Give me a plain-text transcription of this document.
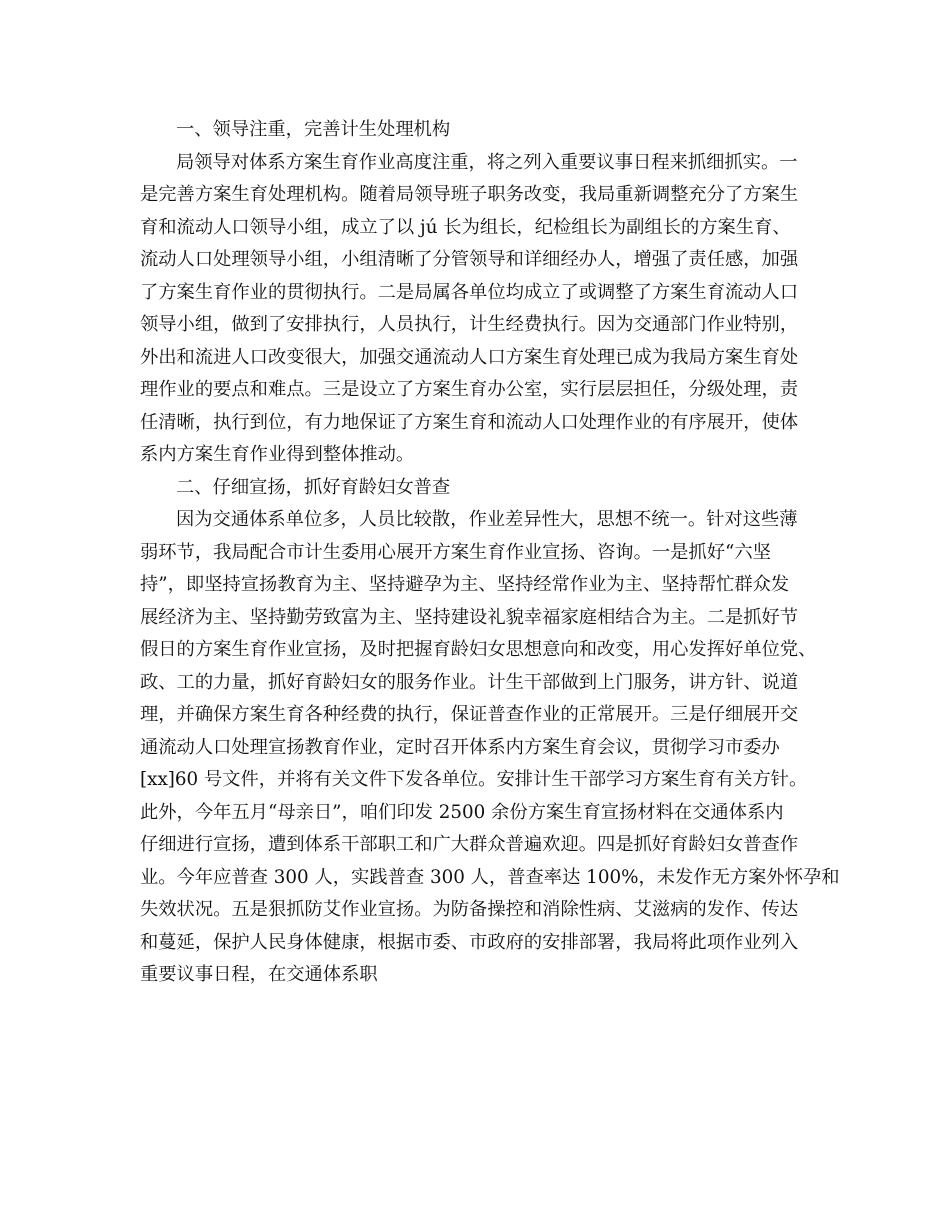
一、领导注重，完善计生处理机构
局领导对体系方案生育作业高度注重，将之列入重要议事日程来抓细抓实。一
是完善方案生育处理机构。随着局领导班子职务改变，我局重新调整充分了方案生
育和流动人口领导小组，成立了以 jú 长为组长，纪检组长为副组长的方案生育、
流动人口处理领导小组，小组清晰了分管领导和详细经办人，增强了责任感，加强
了方案生育作业的贯彻执行。二是局属各单位均成立了或调整了方案生育流动人口
领导小组，做到了安排执行，人员执行，计生经费执行。因为交通部门作业特别，
外出和流进人口改变很大，加强交通流动人口方案生育处理已成为我局方案生育处
理作业的要点和难点。三是设立了方案生育办公室，实行层层担任，分级处理，责
任清晰，执行到位，有力地保证了方案生育和流动人口处理作业的有序展开，使体
系内方案生育作业得到整体推动。
二、仔细宣扬，抓好育龄妇女普查
因为交通体系单位多，人员比较散，作业差异性大，思想不统一。针对这些薄
弱环节，我局配合市计生委用心展开方案生育作业宣扬、咨询。一是抓好“六坚
持”，即坚持宣扬教育为主、坚持避孕为主、坚持经常作业为主、坚持帮忙群众发
展经济为主、坚持勤劳致富为主、坚持建设礼貌幸福家庭相结合为主。二是抓好节
假日的方案生育作业宣扬，及时把握育龄妇女思想意向和改变，用心发挥好单位党、
政、工的力量，抓好育龄妇女的服务作业。计生干部做到上门服务，讲方针、说道
理，并确保方案生育各种经费的执行，保证普查作业的正常展开。三是仔细展开交
通流动人口处理宣扬教育作业，定时召开体系内方案生育会议，贯彻学习市委办
[xx]60 号文件，并将有关文件下发各单位。安排计生干部学习方案生育有关方针。
此外，今年五月“母亲日”，咱们印发 2500 余份方案生育宣扬材料在交通体系内
仔细进行宣扬，遭到体系干部职工和广大群众普遍欢迎。四是抓好育龄妇女普查作
业。今年应普查 300 人，实践普查 300 人，普查率达 100%，未发作无方案外怀孕和
失效状况。五是狠抓防艾作业宣扬。为防备操控和消除性病、艾滋病的发作、传达
和蔓延，保护人民身体健康，根据市委、市政府的安排部署，我局将此项作业列入
重要议事日程，在交通体系职
